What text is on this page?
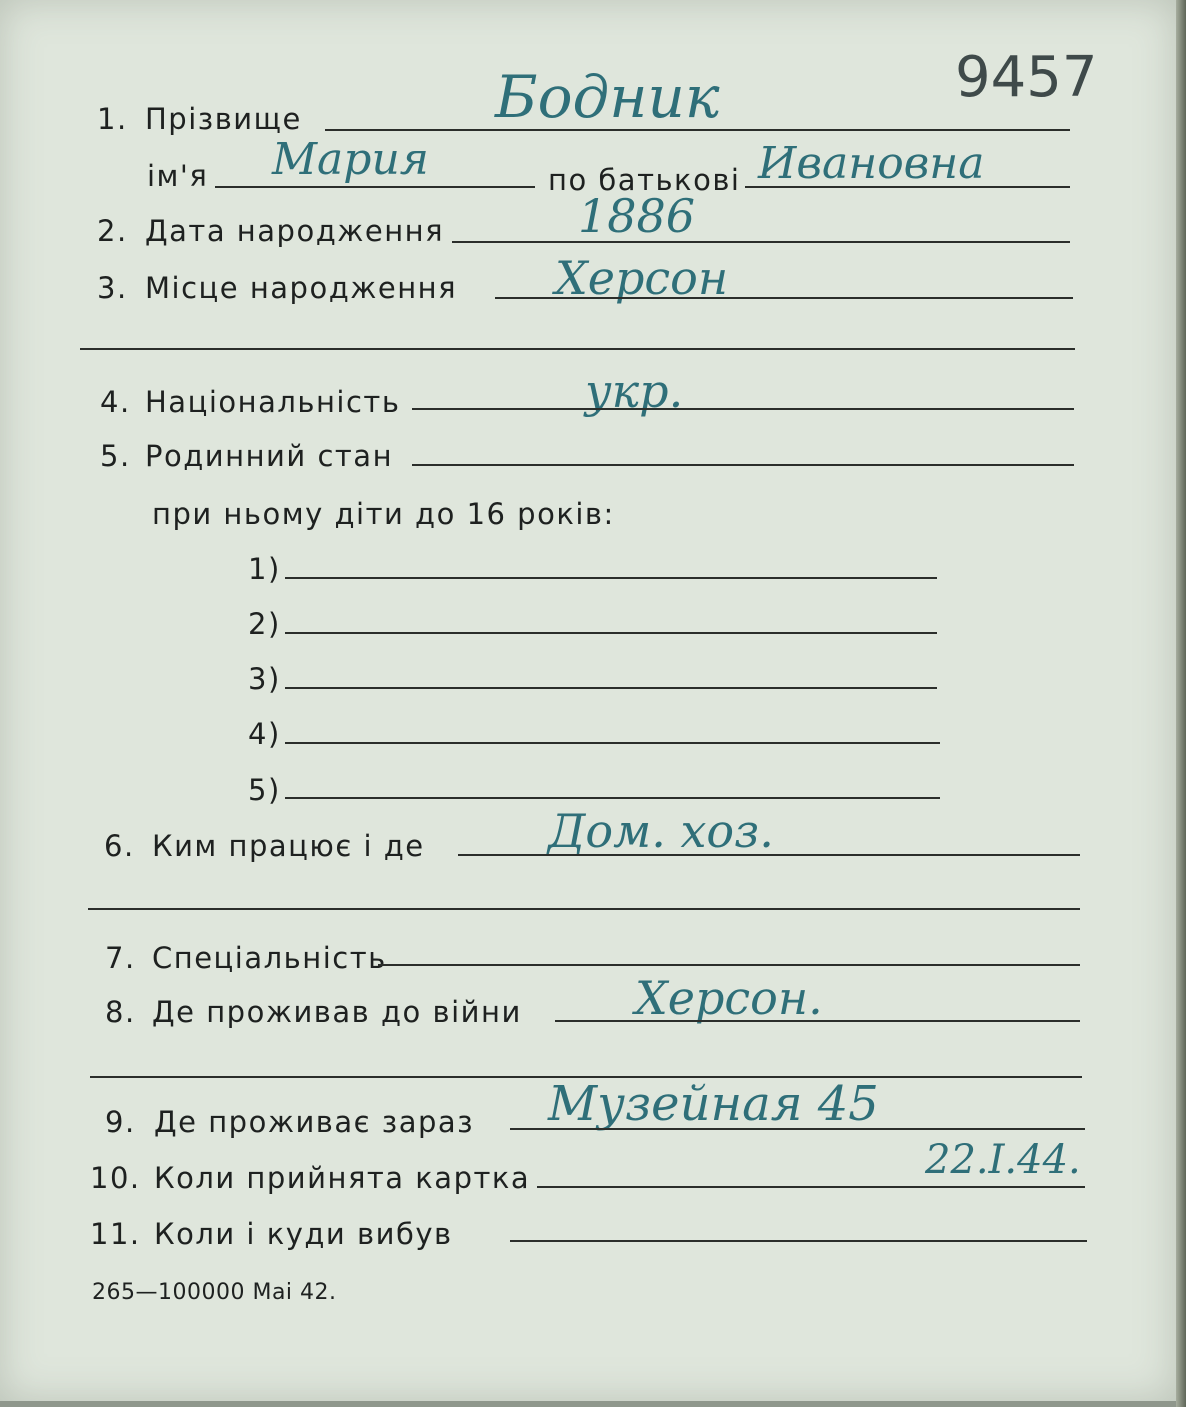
9457
1. Прізвище	Бодник
ім'я Мария	по батькові Ивановна
2. Дата народження	1886
3. Місце народження Херсон
4. Національність	укр.
5. Родинний стан
при ньому діти до 16 років:
1)
2)
3)
4)
5)
6. Ким працює і де	Дом. хоз.
7. Спеціальність
8. Де проживав до війни Херсон.
9. Де проживає зараз Музейная 45
10. Коли прийнята картка	22.I.44.
11. Коли і куди вибув
265—100000 Mai 42.
